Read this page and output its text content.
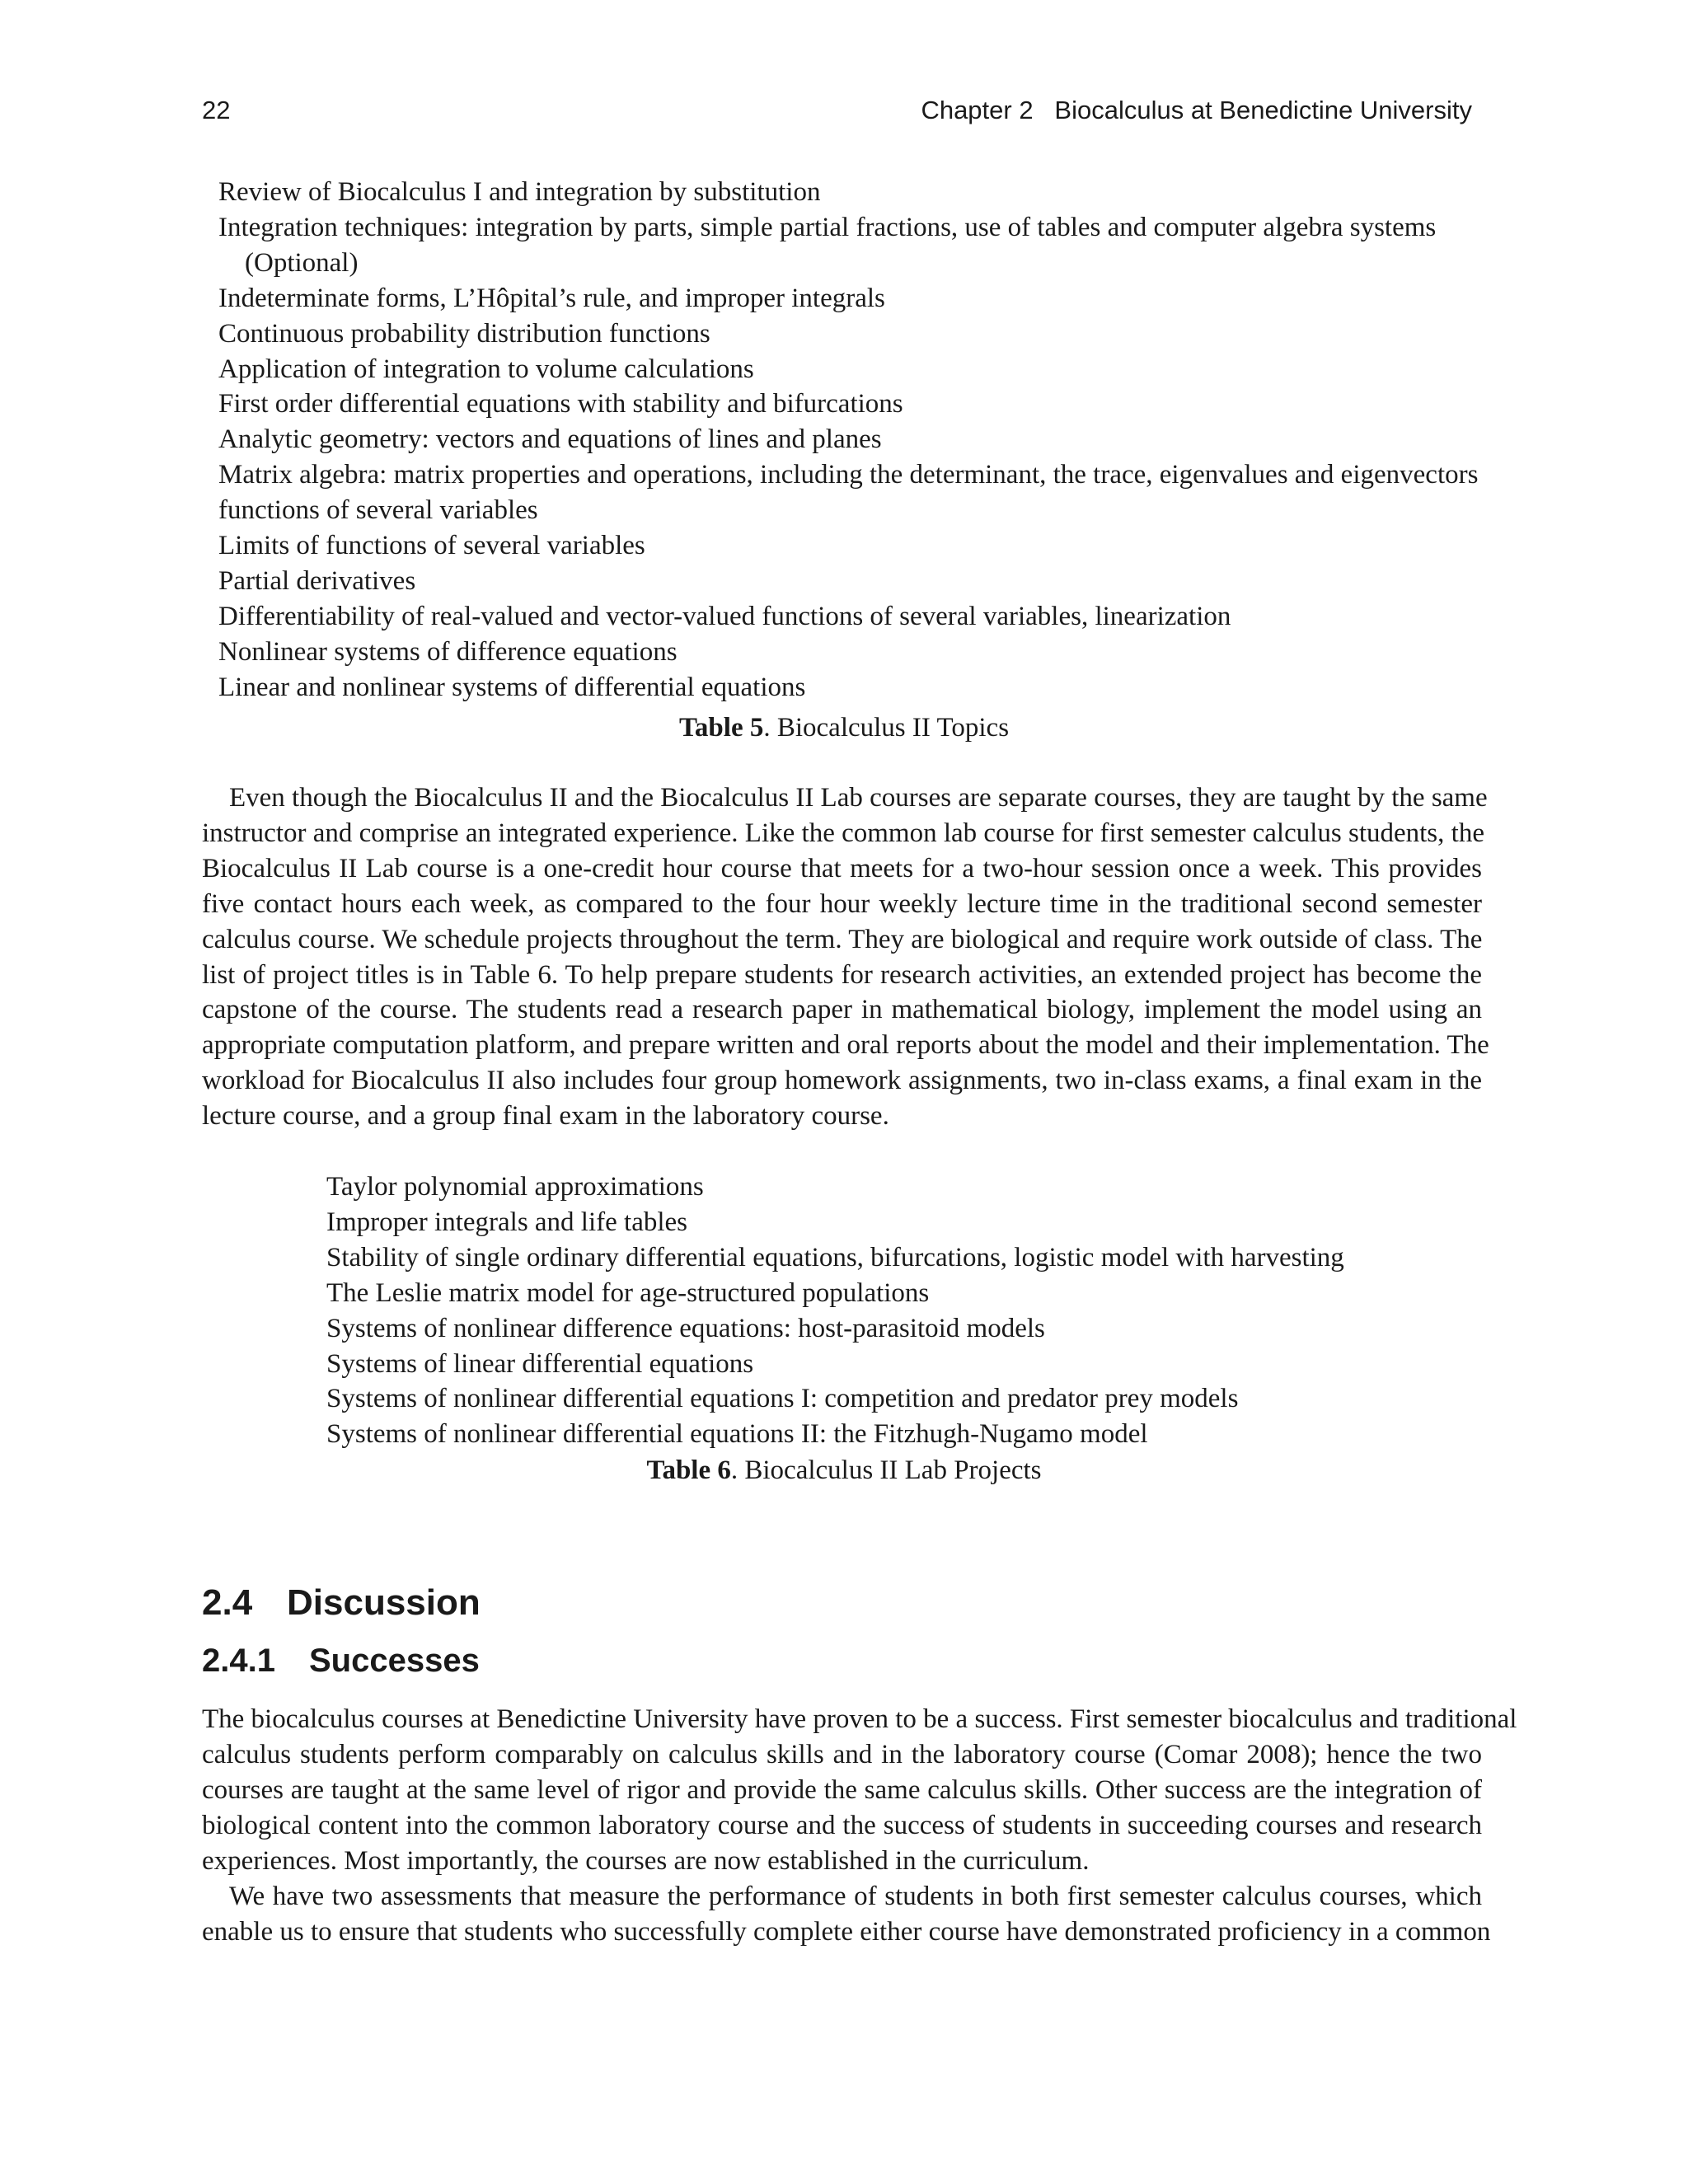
22	Chapter 2   Biocalculus at Benedictine University
Review of Biocalculus I and integration by substitution
Integration techniques: integration by parts, simple partial fractions, use of tables and computer algebra systems
(Optional)
Indeterminate forms, L’Hôpital’s rule, and improper integrals
Continuous probability distribution functions
Application of integration to volume calculations
First order differential equations with stability and bifurcations
Analytic geometry: vectors and equations of lines and planes
Matrix algebra: matrix properties and operations, including the determinant, the trace, eigenvalues and eigenvectors
functions of several variables
Limits of functions of several variables
Partial derivatives
Differentiability of real-valued and vector-valued functions of several variables, linearization
Nonlinear systems of difference equations
Linear and nonlinear systems of differential equations
Table 5. Biocalculus II Topics

Even though the Biocalculus II and the Biocalculus II Lab courses are separate courses, they are taught by the same
instructor and comprise an integrated experience. Like the common lab course for first semester calculus students, the
Biocalculus II Lab course is a one-credit hour course that meets for a two-hour session once a week. This provides
five contact hours each week, as compared to the four hour weekly lecture time in the traditional second semester
calculus course. We schedule projects throughout the term. They are biological and require work outside of class. The
list of project titles is in Table 6. To help prepare students for research activities, an extended project has become the
capstone of the course. The students read a research paper in mathematical biology, implement the model using an
appropriate computation platform, and prepare written and oral reports about the model and their implementation. The
workload for Biocalculus II also includes four group homework assignments, two in-class exams, a final exam in the
lecture course, and a group final exam in the laboratory course.

Taylor polynomial approximations
Improper integrals and life tables
Stability of single ordinary differential equations, bifurcations, logistic model with harvesting
The Leslie matrix model for age-structured populations
Systems of nonlinear difference equations: host-parasitoid models
Systems of linear differential equations
Systems of nonlinear differential equations I: competition and predator prey models
Systems of nonlinear differential equations II: the Fitzhugh-Nugamo model
Table 6. Biocalculus II Lab Projects
2.4 Discussion
2.4.1 Successes

The biocalculus courses at Benedictine University have proven to be a success. First semester biocalculus and traditional
calculus students perform comparably on calculus skills and in the laboratory course (Comar 2008); hence the two
courses are taught at the same level of rigor and provide the same calculus skills. Other success are the integration of
biological content into the common laboratory course and the success of students in succeeding courses and research
experiences. Most importantly, the courses are now established in the curriculum.

We have two assessments that measure the performance of students in both first semester calculus courses, which
enable us to ensure that students who successfully complete either course have demonstrated proficiency in a common
